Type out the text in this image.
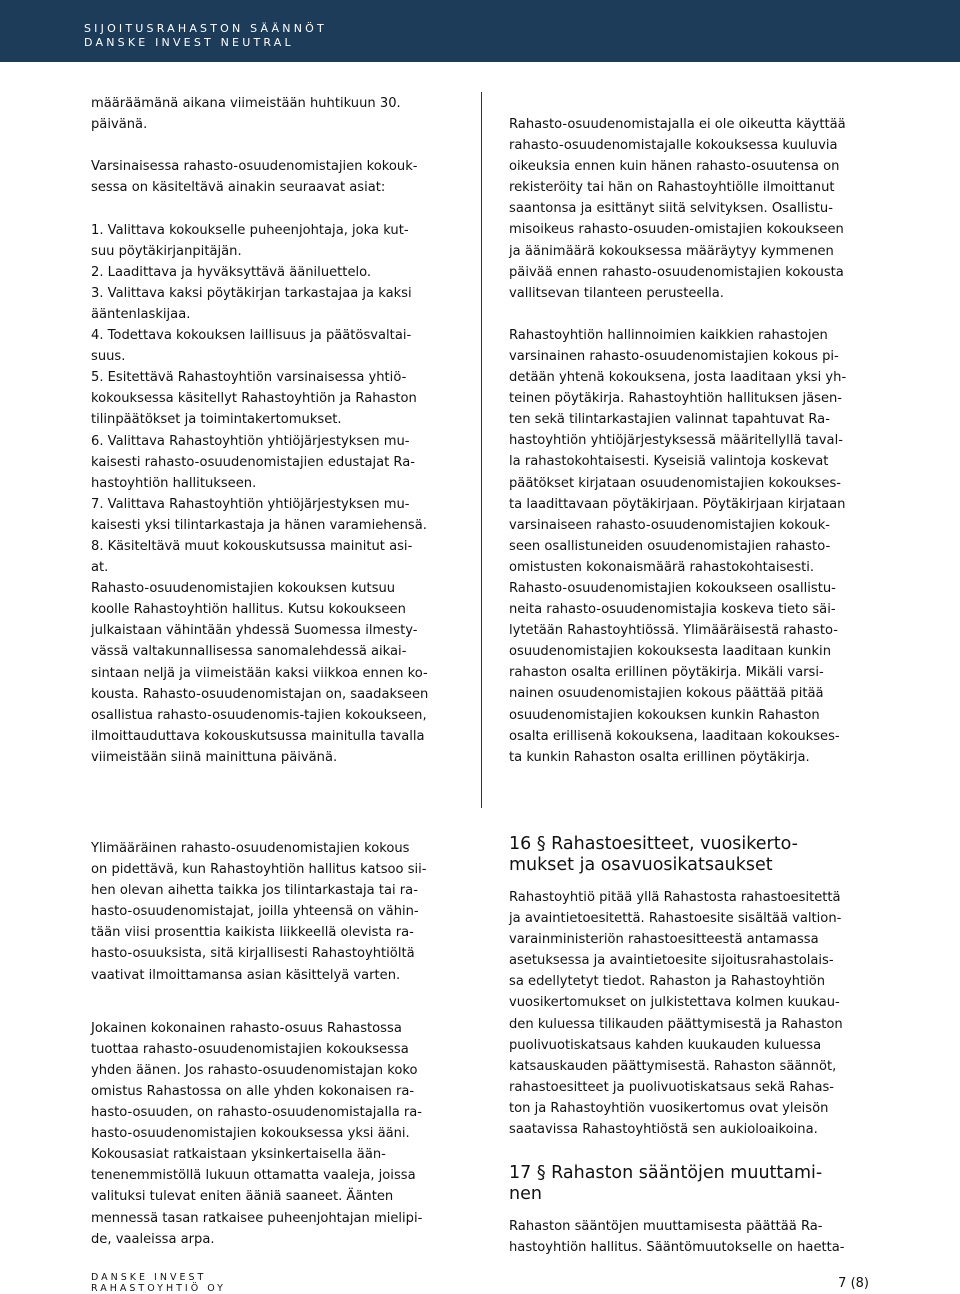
SIJOITUSRAHASTON SÄÄNNÖT
DANSKE INVEST NEUTRAL

määräämänä aikana viimeistään huhtikuun 30.

päivänä.

Varsinaisessa rahasto-osuudenomistajien kokouk-

sessa on käsiteltävä ainakin seuraavat asiat:

1. Valittava kokoukselle puheenjohtaja, joka kut-

suu pöytäkirjanpitäjän.

2. Laadittava ja hyväksyttävä ääniluettelo.

3. Valittava kaksi pöytäkirjan tarkastajaa ja kaksi

ääntenlaskijaa.

4. Todettava kokouksen laillisuus ja päätösvaltai-

suus.

5. Esitettävä Rahastoyhtiön varsinaisessa yhtiö-

kokouksessa käsitellyt Rahastoyhtiön ja Rahaston

tilinpäätökset ja toimintakertomukset.

6. Valittava Rahastoyhtiön yhtiöjärjestyksen mu-

kaisesti rahasto-osuudenomistajien edustajat Ra-

hastoyhtiön hallitukseen.

7. Valittava Rahastoyhtiön yhtiöjärjestyksen mu-

kaisesti yksi tilintarkastaja ja hänen varamiehensä.

8. Käsiteltävä muut kokouskutsussa mainitut asi-

at.

Rahasto-osuudenomistajien kokouksen kutsuu

koolle Rahastoyhtiön hallitus. Kutsu kokoukseen

julkaistaan vähintään yhdessä Suomessa ilmesty-

vässä valtakunnallisessa sanomalehdessä aikai-

sintaan neljä ja viimeistään kaksi viikkoa ennen ko-

kousta. Rahasto-osuudenomistajan on, saadakseen

osallistua rahasto-osuudenomis-tajien kokoukseen,

ilmoittauduttava kokouskutsussa mainitulla tavalla

viimeistään siinä mainittuna päivänä.

Rahasto-osuudenomistajalla ei ole oikeutta käyttää

rahasto-osuudenomistajalle kokouksessa kuuluvia

oikeuksia ennen kuin hänen rahasto-osuutensa on

rekisteröity tai hän on Rahastoyhtiölle ilmoittanut

saantonsa ja esittänyt siitä selvityksen. Osallistu-

misoikeus rahasto-osuuden-omistajien kokoukseen

ja äänimäärä kokouksessa määräytyy kymmenen

päivää ennen rahasto-osuudenomistajien kokousta

vallitsevan tilanteen perusteella.

Rahastoyhtiön hallinnoimien kaikkien rahastojen

varsinainen rahasto-osuudenomistajien kokous pi-

detään yhtenä kokouksena, josta laaditaan yksi yh-

teinen pöytäkirja. Rahastoyhtiön hallituksen jäsen-

ten sekä tilintarkastajien valinnat tapahtuvat Ra-

hastoyhtiön yhtiöjärjestyksessä määritellyllä taval-

la rahastokohtaisesti. Kyseisiä valintoja koskevat

päätökset kirjataan osuudenomistajien kokoukses-

ta laadittavaan pöytäkirjaan. Pöytäkirjaan kirjataan

varsinaiseen rahasto-osuudenomistajien kokouk-

seen osallistuneiden osuudenomistajien rahasto-

omistusten kokonaismäärä rahastokohtaisesti.

Rahasto-osuudenomistajien kokoukseen osallistu-

neita rahasto-osuudenomistajia koskeva tieto säi-

lytetään Rahastoyhtiössä. Ylimääräisestä rahasto-

osuudenomistajien kokouksesta laaditaan kunkin

rahaston osalta erillinen pöytäkirja. Mikäli varsi-

nainen osuudenomistajien kokous päättää pitää

osuudenomistajien kokouksen kunkin Rahaston

osalta erillisenä kokouksena, laaditaan kokoukses-

ta kunkin Rahaston osalta erillinen pöytäkirja.

Ylimääräinen rahasto-osuudenomistajien kokous

on pidettävä, kun Rahastoyhtiön hallitus katsoo sii-

hen olevan aihetta taikka jos tilintarkastaja tai ra-

hasto-osuudenomistajat, joilla yhteensä on vähin-

tään viisi prosenttia kaikista liikkeellä olevista ra-

hasto-osuuksista, sitä kirjallisesti Rahastoyhtiöltä

vaativat ilmoittamansa asian käsittelyä varten.

Jokainen kokonainen rahasto-osuus Rahastossa

tuottaa rahasto-osuudenomistajien kokouksessa

yhden äänen. Jos rahasto-osuudenomistajan koko

omistus Rahastossa on alle yhden kokonaisen ra-

hasto-osuuden, on rahasto-osuudenomistajalla ra-

hasto-osuudenomistajien kokouksessa yksi ääni.

Kokousasiat ratkaistaan yksinkertaisella ään-

tenenemmistöllä lukuun ottamatta vaaleja, joissa

valituksi tulevat eniten ääniä saaneet. Äänten

mennessä tasan ratkaisee puheenjohtajan mielipi-

de, vaaleissa arpa.

16 § Rahastoesitteet, vuosikerto-
mukset ja osavuosikatsaukset

Rahastoyhtiö pitää yllä Rahastosta rahastoesitettä

ja avaintietoesitettä. Rahastoesite sisältää valtion-

varainministeriön rahastoesitteestä antamassa

asetuksessa ja avaintietoesite sijoitusrahastolais-

sa edellytetyt tiedot. Rahaston ja Rahastoyhtiön

vuosikertomukset on julkistettava kolmen kuukau-

den kuluessa tilikauden päättymisestä ja Rahaston

puolivuotiskatsaus kahden kuukauden kuluessa

katsauskauden päättymisestä. Rahaston säännöt,

rahastoesitteet ja puolivuotiskatsaus sekä Rahas-

ton ja Rahastoyhtiön vuosikertomus ovat yleisön

saatavissa Rahastoyhtiöstä sen aukioloaikoina.

17 § Rahaston sääntöjen muuttami-
nen

Rahaston sääntöjen muuttamisesta päättää Ra-

hastoyhtiön hallitus. Sääntömuutokselle on haetta-

DANSKE INVEST
RAHASTOYHTIÖ OY	7 (8)
